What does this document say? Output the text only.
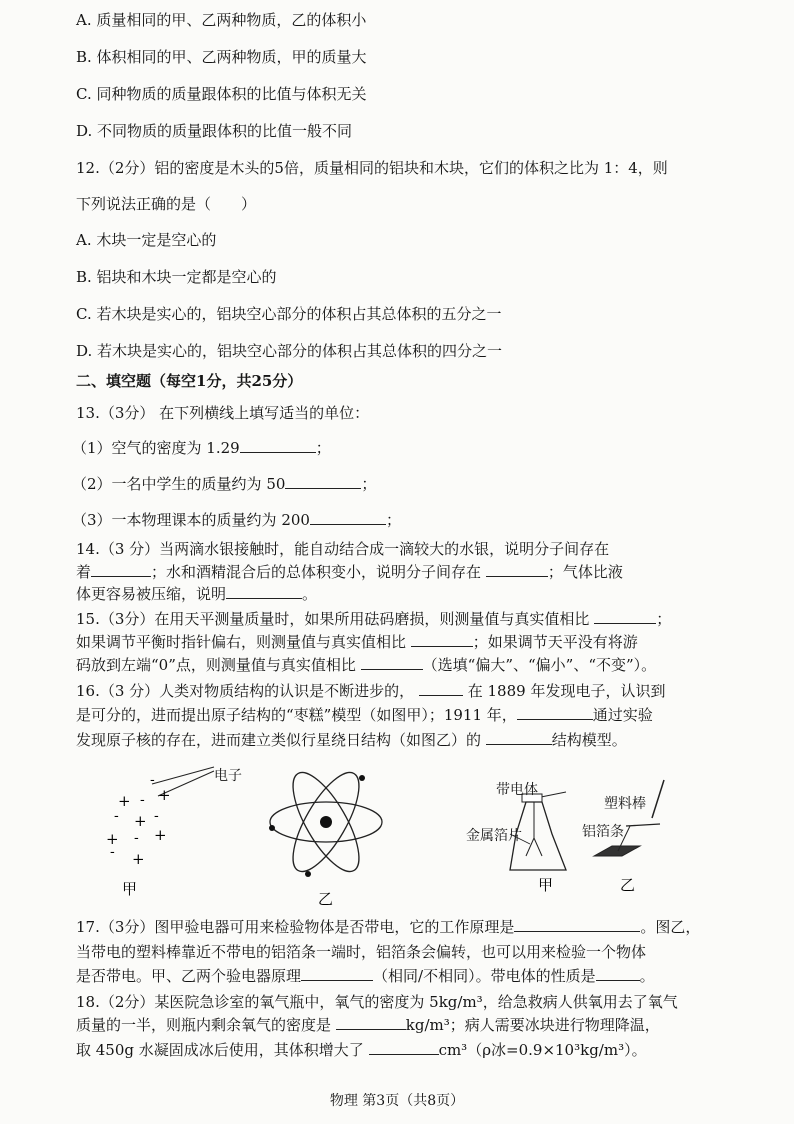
A. 质量相同的甲、乙两种物质，乙的体积小
B. 体积相同的甲、乙两种物质，甲的质量大
C. 同种物质的质量跟体积的比值与体积无关
D. 不同物质的质量跟体积的比值一般不同
12.（2分）铝的密度是木头的5倍，质量相同的铝块和木块，它们的体积之比为 1：4，则
下列说法正确的是（　　）
A. 木块一定是空心的
B. 铝块和木块一定都是空心的
C. 若木块是实心的，铝块空心部分的体积占其总体积的五分之一
D. 若木块是实心的，铝块空心部分的体积占其总体积的四分之一
二、填空题（每空1分，共25分）
13.（3分） 在下列横线上填写适当的单位：
（1）空气的密度为 1.29	；
（2）一名中学生的质量约为 50	；
（3）一本物理课本的质量约为 200	；
14.（3 分）当两滴水银接触时，能自动结合成一滴较大的水银，说明分子间存在
着	；水和酒精混合后的总体积变小，说明分子间存在	；气体比液
体更容易被压缩，说明	。
15.（3分）在用天平测量质量时，如果所用砝码磨损，则测量值与真实值相比	；
如果调节平衡时指针偏右，则测量值与真实值相比	；如果调节天平没有将游
码放到左端“0”点，则测量值与真实值相比	（选填“偏大”、“偏小”、“不变”）。
16.（3 分）人类对物质结构的认识是不断进步的，	在 1889 年发现电子，认识到
是可分的，进而提出原子结构的“枣糕”模型（如图甲）；1911 年，	通过实验
发现原子核的存在，进而建立类似行星绕日结构（如图乙）的	结构模型。
-
+ - +
- + -
+ - +
- +
甲
电子
乙
甲	乙
带电体
塑料棒
铝箔条
金属箔片
17.（3分）图甲验电器可用来检验物体是否带电，它的工作原理是	。图乙，
当带电的塑料棒靠近不带电的铝箔条一端时，铝箔条会偏转，也可以用来检验一个物体
是否带电。甲、乙两个验电器原理	（相同/不相同）。带电体的性质是	。
18.（2分）某医院急诊室的氧气瓶中，氧气的密度为 5kg/m³，给急救病人供氧用去了氧气
质量的一半，则瓶内剩余氧气的密度是	kg/m³；病人需要冰块进行物理降温，
取 450g 水凝固成冰后使用，其体积增大了	cm³（ρ冰=0.9×10³kg/m³）。
物理 第3页（共8页）
